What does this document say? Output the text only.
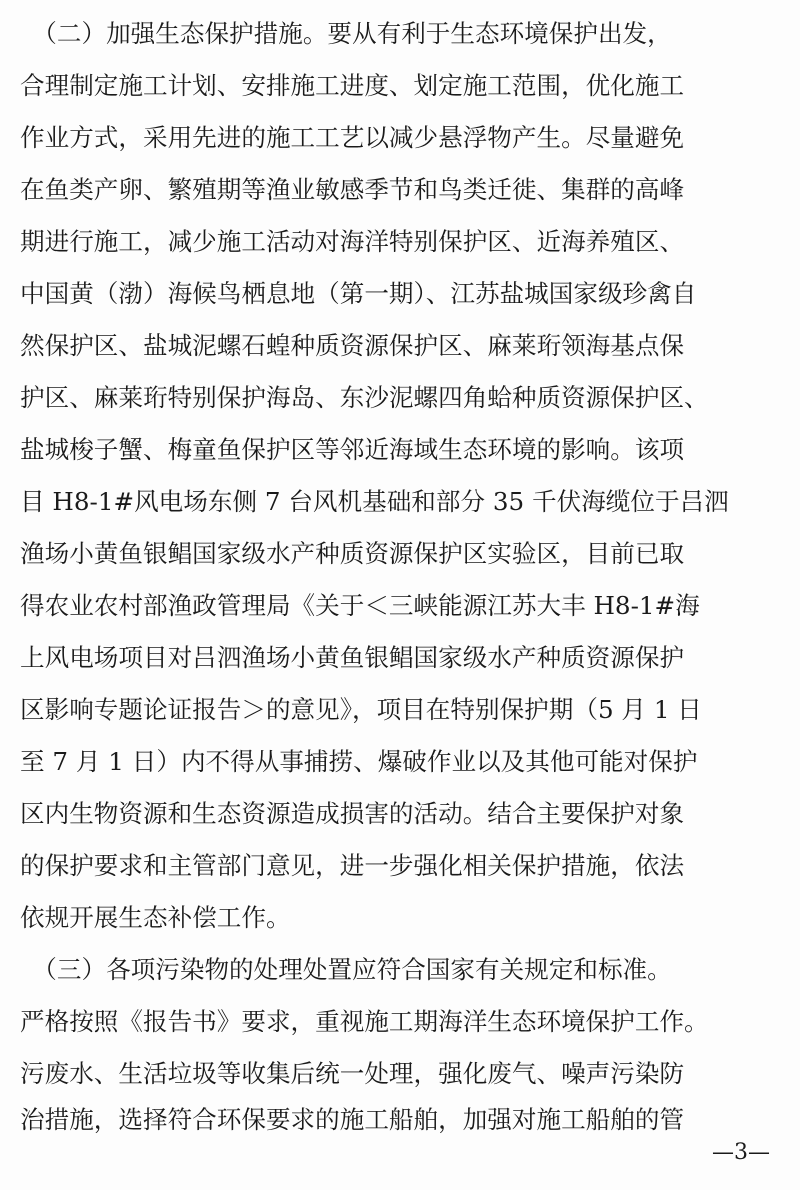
　（二）加强生态保护措施。要从有利于生态环境保护出发，
合理制定施工计划、安排施工进度、划定施工范围，优化施工
作业方式，采用先进的施工工艺以减少悬浮物产生。尽量避免
在鱼类产卵、繁殖期等渔业敏感季节和鸟类迁徙、集群的高峰
期进行施工，减少施工活动对海洋特别保护区、近海养殖区、
中国黄（渤）海候鸟栖息地（第一期）、江苏盐城国家级珍禽自
然保护区、盐城泥螺石蝗种质资源保护区、麻莱珩领海基点保
护区、麻莱珩特别保护海岛、东沙泥螺四角蛤种质资源保护区、
盐城梭子蟹、梅童鱼保护区等邻近海域生态环境的影响。该项
目 H8-1#风电场东侧 7 台风机基础和部分 35 千伏海缆位于吕泗
渔场小黄鱼银鲳国家级水产种质资源保护区实验区，目前已取
得农业农村部渔政管理局《关于＜三峡能源江苏大丰 H8-1#海
上风电场项目对吕泗渔场小黄鱼银鲳国家级水产种质资源保护
区影响专题论证报告＞的意见》，项目在特别保护期（5 月 1 日
至 7 月 1 日）内不得从事捕捞、爆破作业以及其他可能对保护
区内生物资源和生态资源造成损害的活动。结合主要保护对象
的保护要求和主管部门意见，进一步强化相关保护措施，依法
依规开展生态补偿工作。
　（三）各项污染物的处理处置应符合国家有关规定和标准。
严格按照《报告书》要求，重视施工期海洋生态环境保护工作。
污废水、生活垃圾等收集后统一处理，强化废气、噪声污染防
治措施，选择符合环保要求的施工船舶，加强对施工船舶的管
—3—
